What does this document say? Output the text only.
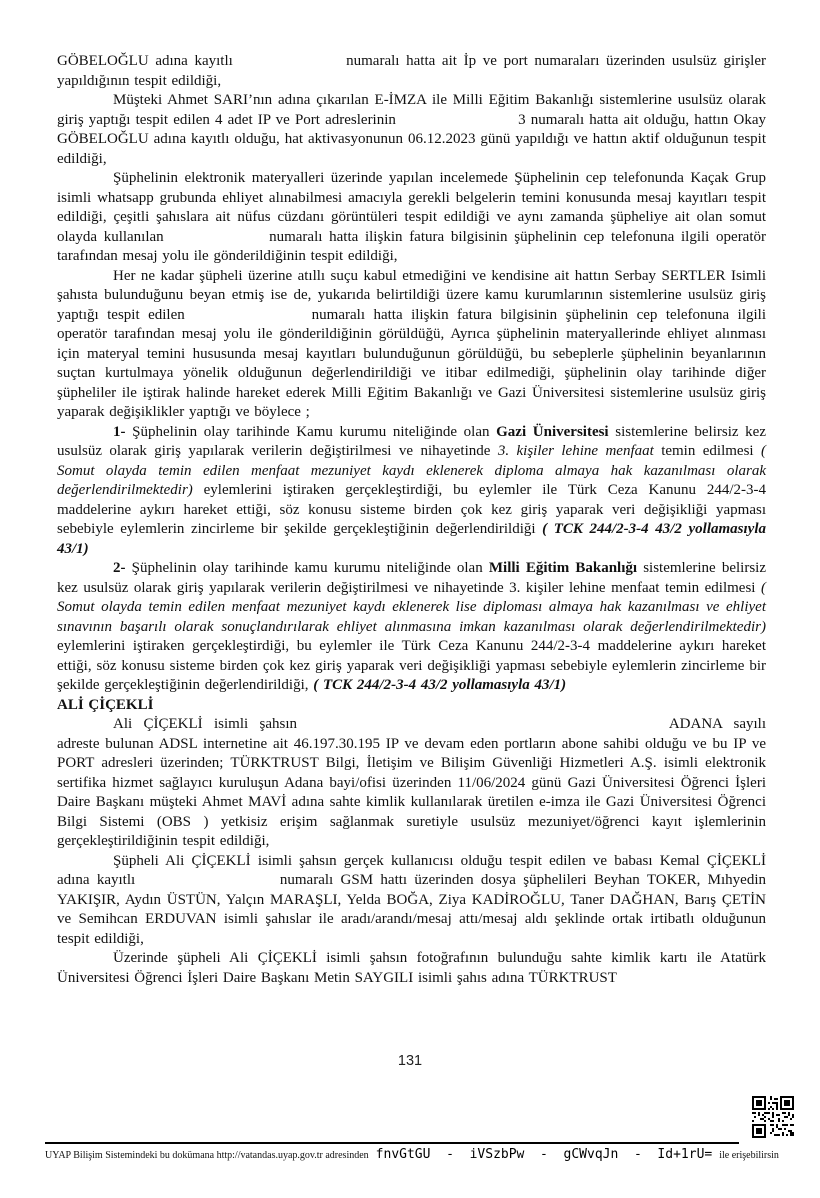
GÖBELOĞLU adına kayıtlı	numaralı hatta ait İp ve port numaraları üzerinden usulsüz girişler yapıldığının tespit edildiği,

Müşteki Ahmet SARI’nın adına çıkarılan E-İMZA ile Milli Eğitim Bakanlığı sistemlerine usulsüz olarak giriş yaptığı tespit edilen 4 adet IP ve Port adreslerinin	3 numaralı hatta ait olduğu, hattın Okay GÖBELOĞLU adına kayıtlı olduğu, hat aktivasyonunun 06.12.2023 günü yapıldığı ve hattın aktif olduğunun tespit edildiği,

Şüphelinin elektronik materyalleri üzerinde yapılan incelemede Şüphelinin cep telefonunda Kaçak Grup isimli whatsapp grubunda ehliyet alınabilmesi amacıyla gerekli belgelerin temini konusunda mesaj kayıtları tespit edildiği, çeşitli şahıslara ait nüfus cüzdanı görüntüleri tespit edildiği ve aynı zamanda şüpheliye ait olan somut olayda kullanılan	numaralı hatta ilişkin fatura bilgisinin şüphelinin cep telefonuna ilgili operatör tarafından mesaj yolu ile gönderildiğinin tespit edildiği,

Her ne kadar şüpheli üzerine atıllı suçu kabul etmediğini ve kendisine ait hattın Serbay SERTLER Isimli şahısta bulunduğunu beyan etmiş ise de, yukarıda belirtildiği üzere kamu kurumlarının sistemlerine usulsüz giriş yaptığı tespit edilen	numaralı hatta ilişkin fatura bilgisinin şüphelinin cep telefonuna ilgili operatör tarafından mesaj yolu ile gönderildiğinin görüldüğü, Ayrıca şüphelinin materyallerinde ehliyet alınması için materyal temini hususunda mesaj kayıtları bulunduğunun görüldüğü, bu sebeplerle şüphelinin beyanlarının suçtan kurtulmaya yönelik olduğunun değerlendirildiği ve itibar edilmediği, şüphelinin olay tarihinde diğer şüpheliler ile iştirak halinde hareket ederek Milli Eğitim Bakanlığı ve Gazi Üniversitesi sistemlerine usulsüz giriş yaparak değişiklikler yaptığı ve böylece ;

1- Şüphelinin olay tarihinde Kamu kurumu niteliğinde olan Gazi Üniversitesi sistemlerine belirsiz kez usulsüz olarak giriş yapılarak verilerin değiştirilmesi ve nihayetinde 3. kişiler lehine menfaat temin edilmesi ( Somut olayda temin edilen menfaat mezuniyet kaydı eklenerek diploma almaya hak kazanılması olarak değerlendirilmektedir) eylemlerini iştiraken gerçekleştirdiği, bu eylemler ile Türk Ceza Kanunu 244/2-3-4 maddelerine aykırı hareket ettiği, söz konusu sisteme birden çok kez giriş yaparak veri değişikliği yapması sebebiyle eylemlerin zincirleme bir şekilde gerçekleştiğinin değerlendirildiği ( TCK 244/2-3-4 43/2 yollamasıyla 43/1)

2- Şüphelinin olay tarihinde kamu kurumu niteliğinde olan Milli Eğitim Bakanlığı sistemlerine belirsiz kez usulsüz olarak giriş yapılarak verilerin değiştirilmesi ve nihayetinde 3. kişiler lehine menfaat temin edilmesi ( Somut olayda temin edilen menfaat mezuniyet kaydı eklenerek lise diploması almaya hak kazanılması ve ehliyet sınavının başarılı olarak sonuçlandırılarak ehliyet alınmasına imkan kazanılması olarak değerlendirilmektedir) eylemlerini iştiraken gerçekleştirdiği, bu eylemler ile Türk Ceza Kanunu 244/2-3-4 maddelerine aykırı hareket ettiği, söz konusu sisteme birden çok kez giriş yaparak veri değişikliği yapması sebebiyle eylemlerin zincirleme bir şekilde gerçekleştiğinin değerlendirildiği, ( TCK 244/2-3-4 43/2 yollamasıyla 43/1)

ALİ ÇİÇEKLİ

Ali ÇİÇEKLİ isimli şahsın	ADANA sayılı adreste bulunan ADSL internetine ait 46.197.30.195 IP ve devam eden portların abone sahibi olduğu ve bu IP ve PORT adresleri üzerinden; TÜRKTRUST Bilgi, İletişim ve Bilişim Güvenliği Hizmetleri A.Ş. isimli elektronik sertifika hizmet sağlayıcı kuruluşun Adana bayi/ofisi üzerinden 11/06/2024 günü Gazi Üniversitesi Öğrenci İşleri Daire Başkanı müşteki Ahmet MAVİ adına sahte kimlik kullanılarak üretilen e-imza ile Gazi Üniversitesi Öğrenci Bilgi Sistemi (OBS ) yetkisiz erişim sağlanmak suretiyle usulsüz mezuniyet/öğrenci kayıt işlemlerinin gerçekleştirildiğinin tespit edildiği,

Şüpheli Ali ÇİÇEKLİ isimli şahsın gerçek kullanıcısı olduğu tespit edilen ve babası Kemal ÇİÇEKLİ adına kayıtlı	numaralı GSM hattı üzerinden dosya şüphelileri Beyhan TOKER, Mıhyedin YAKIŞIR, Aydın ÜSTÜN, Yalçın MARAŞLI, Yelda BOĞA, Ziya KADİROĞLU, Taner DAĞHAN, Barış ÇETİN ve Semihcan ERDUVAN isimli şahıslar ile aradı/arandı/mesaj attı/mesaj aldı şeklinde ortak irtibatlı olduğunun tespit edildiği,

Üzerinde şüpheli Ali ÇİÇEKLİ isimli şahsın fotoğrafının bulunduğu sahte kimlik kartı ile Atatürk Üniversitesi Öğrenci İşleri Daire Başkanı Metin SAYGILI isimli şahıs adına TÜRKTRUST

131
UYAP Bilişim Sistemindeki bu dokümana http://vatandas.uyap.gov.tr adresinden fnvGtGU  -  iVSzbPw  -  gCWvqJn  -  Id+1rU= ile erişebilirsin
